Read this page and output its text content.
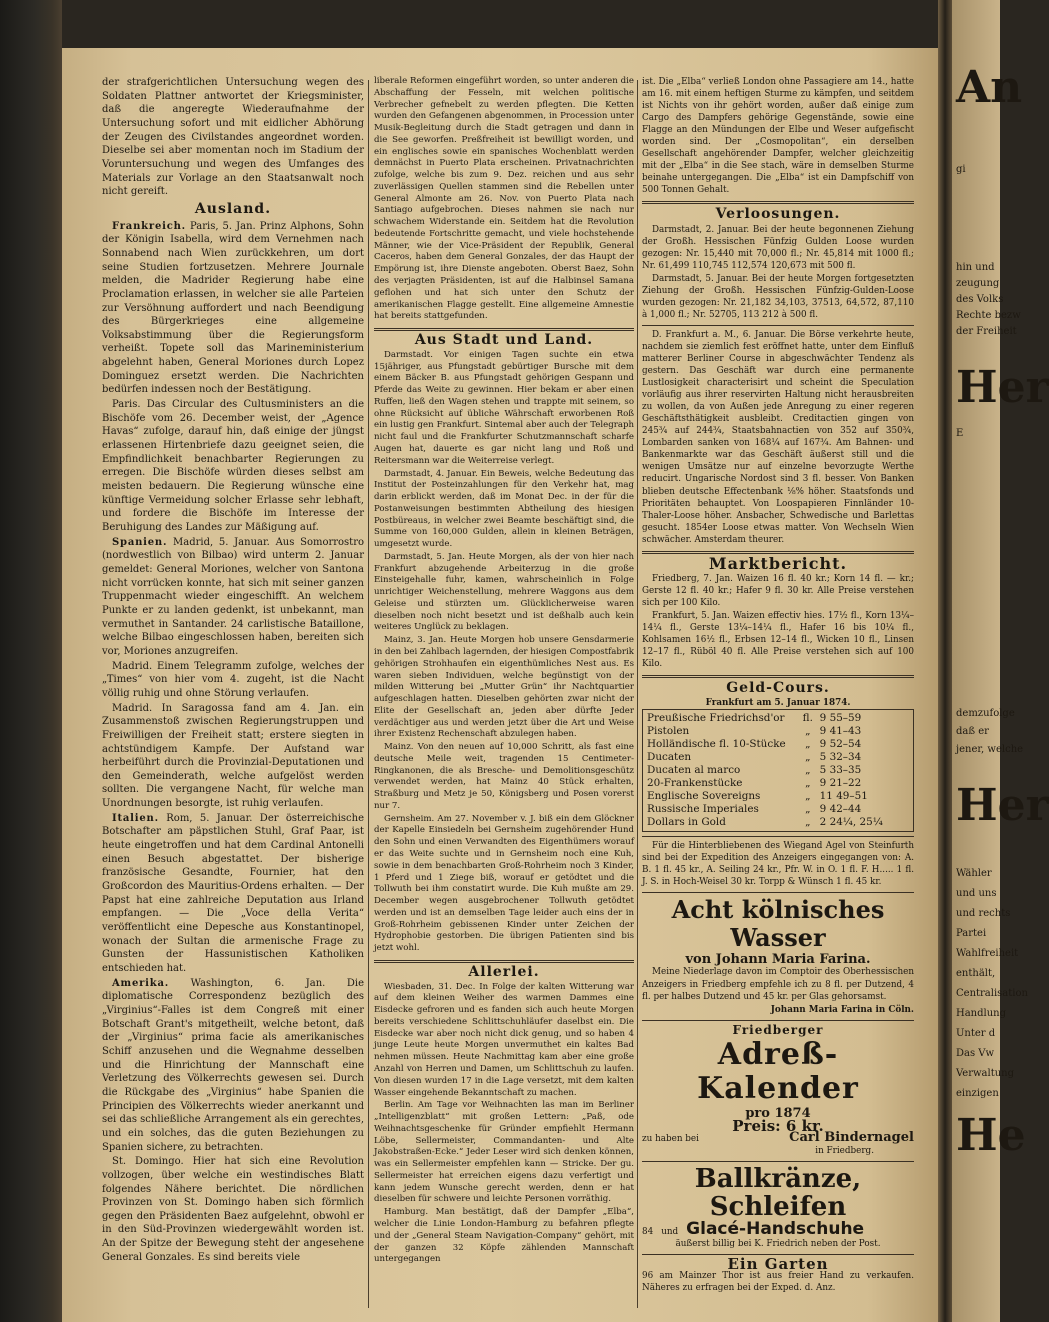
der strafgerichtlichen Untersuchung wegen des Soldaten Plattner antwortet der Kriegsminister, daß die angeregte Wiederaufnahme der Untersuchung sofort und mit eidlicher Abhörung der Zeugen des Civilstandes angeordnet worden. Dieselbe sei aber momentan noch im Stadium der Voruntersuchung und wegen des Umfanges des Materials zur Vorlage an den Staatsanwalt noch nicht gereift.

Ausland.

Frankreich. Paris, 5. Jan. Prinz Alphons, Sohn der Königin Isabella, wird dem Vernehmen nach Sonnabend nach Wien zurückkehren, um dort seine Studien fortzusetzen. Mehrere Journale melden, die Madrider Regierung habe eine Proclamation erlassen, in welcher sie alle Parteien zur Versöhnung auffordert und nach Beendigung des Bürgerkrieges eine allgemeine Volksabstimmung über die Regierungsform verheißt. Topete soll das Marineministerium abgelehnt haben, General Moriones durch Lopez Dominguez ersetzt werden. Die Nachrichten bedürfen indessen noch der Bestätigung.

Paris. Das Circular des Cultusministers an die Bischöfe vom 26. December weist, der „Agence Havas“ zufolge, darauf hin, daß einige der jüngst erlassenen Hirtenbriefe dazu geeignet seien, die Empfindlichkeit benachbarter Regierungen zu erregen. Die Bischöfe würden dieses selbst am meisten bedauern. Die Regierung wünsche eine künftige Vermeidung solcher Erlasse sehr lebhaft, und fordere die Bischöfe im Interesse der Beruhigung des Landes zur Mäßigung auf.

Spanien. Madrid, 5. Januar. Aus Somorrostro (nordwestlich von Bilbao) wird unterm 2. Januar gemeldet: General Moriones, welcher von Santona nicht vorrücken konnte, hat sich mit seiner ganzen Truppenmacht wieder eingeschifft. An welchem Punkte er zu landen gedenkt, ist unbekannt, man vermuthet in Santander. 24 carlistische Bataillone, welche Bilbao eingeschlossen haben, bereiten sich vor, Moriones anzugreifen.

Madrid. Einem Telegramm zufolge, welches der „Times“ von hier vom 4. zugeht, ist die Nacht völlig ruhig und ohne Störung verlaufen.

Madrid. In Saragossa fand am 4. Jan. ein Zusammenstoß zwischen Regierungstruppen und Freiwilligen der Freiheit statt; erstere siegten in achtstündigem Kampfe. Der Aufstand war herbeiführt durch die Provinzial-Deputationen und den Gemeinderath, welche aufgelöst werden sollten. Die vergangene Nacht, für welche man Unordnungen besorgte, ist ruhig verlaufen.

Italien. Rom, 5. Januar. Der österreichische Botschafter am päpstlichen Stuhl, Graf Paar, ist heute eingetroffen und hat dem Cardinal Antonelli einen Besuch abgestattet. Der bisherige französische Gesandte, Fournier, hat den Großcordon des Mauritius-Ordens erhalten. — Der Papst hat eine zahlreiche Deputation aus Irland empfangen. — Die „Voce della Verita“ veröffentlicht eine Depesche aus Konstantinopel, wonach der Sultan die armenische Frage zu Gunsten der Hassunistischen Katholiken entschieden hat.

Amerika. Washington, 6. Jan. Die diplomatische Correspondenz bezüglich des „Virginius“-Falles ist dem Congreß mit einer Botschaft Grant's mitgetheilt, welche betont, daß der „Virginius“ prima facie als amerikanisches Schiff anzusehen und die Wegnahme desselben und die Hinrichtung der Mannschaft eine Verletzung des Völkerrechts gewesen sei. Durch die Rückgabe des „Virginius“ habe Spanien die Principien des Völkerrechts wieder anerkannt und sei das schließliche Arrangement als ein gerechtes, und ein solches, das die guten Beziehungen zu Spanien sichere, zu betrachten.

St. Domingo. Hier hat sich eine Revolution vollzogen, über welche ein westindisches Blatt folgendes Nähere berichtet. Die nördlichen Provinzen von St. Domingo haben sich förmlich gegen den Präsidenten Baez aufgelehnt, obwohl er in den Süd-Provinzen wiedergewählt worden ist. An der Spitze der Bewegung steht der angesehene General Gonzales. Es sind bereits viele

liberale Reformen eingeführt worden, so unter anderen die Abschaffung der Fesseln, mit welchen politische Verbrecher gefnebelt zu werden pflegten. Die Ketten wurden den Gefangenen abgenommen, in Procession unter Musik-Begleitung durch die Stadt getragen und dann in die See geworfen. Preßfreiheit ist bewilligt worden, und ein englisches sowie ein spanisches Wochenblatt werden demnächst in Puerto Plata erscheinen. Privatnachrichten zufolge, welche bis zum 9. Dez. reichen und aus sehr zuverlässigen Quellen stammen sind die Rebellen unter General Almonte am 26. Nov. von Puerto Plata nach Santiago aufgebrochen. Dieses nahmen sie nach nur schwachem Widerstande ein. Seitdem hat die Revolution bedeutende Fortschritte gemacht, und viele hochstehende Männer, wie der Vice-Präsident der Republik, General Caceros, haben dem General Gonzales, der das Haupt der Empörung ist, ihre Dienste angeboten. Oberst Baez, Sohn des verjagten Präsidenten, ist auf die Halbinsel Samana geflohen und hat sich unter den Schutz der amerikanischen Flagge gestellt. Eine allgemeine Amnestie hat bereits stattgefunden.

Aus Stadt und Land.

Darmstadt. Vor einigen Tagen suchte ein etwa 15jähriger, aus Pfungstadt gebürtiger Bursche mit dem einem Bäcker B. aus Pfungstadt gehörigen Gespann und Pferde das Weite zu gewinnen. Hier bekam er aber einen Ruffen, ließ den Wagen stehen und trappte mit seinem, so ohne Rücksicht auf übliche Währschaft erworbenen Roß ein lustig gen Frankfurt. Sintemal aber auch der Telegraph nicht faul und die Frankfurter Schutzmannschaft scharfe Augen hat, dauerte es gar nicht lang und Roß und Reitersmann war die Weiterreise verlegt.

Darmstadt, 4. Januar. Ein Beweis, welche Bedeutung das Institut der Posteinzahlungen für den Verkehr hat, mag darin erblickt werden, daß im Monat Dec. in der für die Postanweisungen bestimmten Abtheilung des hiesigen Postbüreaus, in welcher zwei Beamte beschäftigt sind, die Summe von 160,000 Gulden, allein in kleinen Beträgen, umgesetzt wurde.

Darmstadt, 5. Jan. Heute Morgen, als der von hier nach Frankfurt abzugehende Arbeiterzug in die große Einsteigehalle fuhr, kamen, wahrscheinlich in Folge unrichtiger Weichenstellung, mehrere Waggons aus dem Geleise und stürzten um. Glücklicherweise waren dieselben noch nicht besetzt und ist deßhalb auch kein weiteres Unglück zu beklagen.

Mainz, 3. Jan. Heute Morgen hob unsere Gensdarmerie in den bei Zahlbach lagernden, der hiesigen Compostfabrik gehörigen Strohhaufen ein eigenthümliches Nest aus. Es waren sieben Individuen, welche begünstigt von der milden Witterung bei „Mutter Grün“ ihr Nachtquartier aufgeschlagen hatten. Dieselben gehörten zwar nicht der Elite der Gesellschaft an, jeden aber dürfte Jeder verdächtiger aus und werden jetzt über die Art und Weise ihrer Existenz Rechenschaft abzulegen haben.

Mainz. Von den neuen auf 10,000 Schritt, als fast eine deutsche Meile weit, tragenden 15 Centimeter-Ringkanonen, die als Bresche- und Demolitionsgeschütz verwendet werden, hat Mainz 40 Stück erhalten, Straßburg und Metz je 50, Königsberg und Posen vorerst nur 7.

Gernsheim. Am 27. November v. J. biß ein dem Glöckner der Kapelle Einsiedeln bei Gernsheim zugehörender Hund den Sohn und einen Verwandten des Eigenthümers worauf er das Weite suchte und in Gernsheim noch eine Kuh, sowie in dem benachbarten Groß-Rohrheim noch 3 Kinder, 1 Pferd und 1 Ziege biß, worauf er getödtet und die Tollwuth bei ihm constatirt wurde. Die Kuh mußte am 29. December wegen ausgebrochener Tollwuth getödtet werden und ist an demselben Tage leider auch eins der in Groß-Rohrheim gebissenen Kinder unter Zeichen der Hydrophobie gestorben. Die übrigen Patienten sind bis jetzt wohl.

Allerlei.

Wiesbaden, 31. Dec. In Folge der kalten Witterung war auf dem kleinen Weiher des warmen Dammes eine Eisdecke gefroren und es fanden sich auch heute Morgen bereits verschiedene Schlittschuhläufer daselbst ein. Die Eisdecke war aber noch nicht dick genug, und so haben 4 junge Leute heute Morgen unvermuthet ein kaltes Bad nehmen müssen. Heute Nachmittag kam aber eine große Anzahl von Herren und Damen, um Schlittschuh zu laufen. Von diesen wurden 17 in die Lage versetzt, mit dem kalten Wasser eingehende Bekanntschaft zu machen.

Berlin. Am Tage vor Weihnachten las man im Berliner „Intelligenzblatt“ mit großen Lettern: „Paß, ode Weihnachtsgeschenke für Gründer empfiehlt Hermann Löbe, Sellermeister, Commandanten- und Alte Jakobstraßen-Ecke.“ Jeder Leser wird sich denken können, was ein Sellermeister empfehlen kann — Stricke. Der gu. Sellermeister hat erreichen eigens dazu verfertigt und kann jedem Wunsche gerecht werden, denn er hat dieselben für schwere und leichte Personen vorräthig.

Hamburg. Man bestätigt, daß der Dampfer „Elba“, welcher die Linie London-Hamburg zu befahren pflegte und der „General Steam Navigation-Company“ gehört, mit der ganzen 32 Köpfe zählenden Mannschaft untergegangen

ist. Die „Elba“ verließ London ohne Passagiere am 14., hatte am 16. mit einem heftigen Sturme zu kämpfen, und seitdem ist Nichts von ihr gehört worden, außer daß einige zum Cargo des Dampfers gehörige Gegenstände, sowie eine Flagge an den Mündungen der Elbe und Weser aufgefischt worden sind. Der „Cosmopolitan“, ein derselben Gesellschaft angehörender Dampfer, welcher gleichzeitig mit der „Elba“ in die See stach, wäre in demselben Sturme beinahe untergegangen. Die „Elba“ ist ein Dampfschiff von 500 Tonnen Gehalt.

Verloosungen.

Darmstadt, 2. Januar. Bei der heute begonnenen Ziehung der Großh. Hessischen Fünfzig Gulden Loose wurden gezogen: Nr. 15,440 mit 70,000 fl.; Nr. 45,814 mit 1000 fl.; Nr. 61,499 110,745 112,574 120,673 mit 500 fl.

Darmstadt, 5. Januar. Bei der heute Morgen fortgesetzten Ziehung der Großh. Hessischen Fünfzig-Gulden-Loose wurden gezogen: Nr. 21,182 34,103, 37513, 64,572, 87,110 à 1,000 fl.; Nr. 52705, 113 212 à 500 fl.

D. Frankfurt a. M., 6. Januar. Die Börse verkehrte heute, nachdem sie ziemlich fest eröffnet hatte, unter dem Einfluß matterer Berliner Course in abgeschwächter Tendenz als gestern. Das Geschäft war durch eine permanente Lustlosigkeit characterisirt und scheint die Speculation vorläufig aus ihrer reservirten Haltung nicht herausbreiten zu wollen, da von Außen jede Anregung zu einer regeren Geschäftsthätigkeit ausbleibt. Creditactien gingen von 245¾ auf 244¾, Staatsbahnactien von 352 auf 350¾, Lombarden sanken von 168¼ auf 167¾. Am Bahnen- und Bankenmarkte war das Geschäft äußerst still und die wenigen Umsätze nur auf einzelne bevorzugte Werthe reducirt. Ungarische Nordost sind 3 fl. besser. Von Banken blieben deutsche Effectenbank ⅛% höher. Staatsfonds und Prioritäten behauptet. Von Loospapieren Finnländer 10-Thaler-Loose höher. Ansbacher, Schwedische und Barlettas gesucht. 1854er Loose etwas matter. Von Wechseln Wien schwächer. Amsterdam theurer.

Marktbericht.

Friedberg, 7. Jan. Waizen 16 fl. 40 kr.; Korn 14 fl. — kr.; Gerste 12 fl. 40 kr.; Hafer 9 fl. 30 kr. Alle Preise verstehen sich per 100 Kilo.

Frankfurt, 5. Jan. Waizen effectiv hies. 17½ fl., Korn 13¼–14¼ fl., Gerste 13¼–14¼ fl., Hafer 16 bis 10¼ fl., Kohlsamen 16½ fl., Erbsen 12–14 fl., Wicken 10 fl., Linsen 12–17 fl., Rüböl 40 fl. Alle Preise verstehen sich auf 100 Kilo.

Geld-Cours.
Frankfurt am 5. Januar 1874.
Preußische Friedrichsd'or	fl.	9 55–59
Pistolen	„	9 41–43
Holländische fl. 10-Stücke	„	9 52–54
Ducaten	„	5 32–34
Ducaten al marco	„	5 33–35
20-Frankenstücke	„	9 21–22
Englische Sovereigns	„	11 49–51
Russische Imperiales	„	9 42–44
Dollars in Gold	„	2 24¼, 25¼

Für die Hinterbliebenen des Wiegand Agel von Steinfurth sind bei der Expedition des Anzeigers eingegangen von: A. B. 1 fl. 45 kr., A. Seiling 24 kr., Pfr. W. in O. 1 fl. F. H..... 1 fl. J. S. in Hoch-Weisel 30 kr. Torpp & Wünsch 1 fl. 45 kr.

Acht kölnisches Wasser
von Johann Maria Farina.

Meine Niederlage davon im Comptoir des Oberhessischen Anzeigers in Friedberg empfehle ich zu 8 fl. per Dutzend, 4 fl. per halbes Dutzend und 45 kr. per Glas gehorsamst.

Johann Maria Farina in Cöln.
Friedberger
Adreß-Kalender
pro 1874
Preis: 6 kr.
zu haben bei	Carl Bindernagel
in Friedberg.
Ballkränze, Schleifen
84 und Glacé-Handschuhe
äußerst billig bei K. Friedrich neben der Post.
Ein Garten

96 am Mainzer Thor ist aus freier Hand zu verkaufen. Näheres zu erfragen bei der Exped. d. Anz.

An
gi
hin und
zeugung
des Volks
Rechte bezw
der Freiheit
Her
E
demzufolge
daß er
jener, welche
Her
Wähler
und uns
und rechts
Partei
Wahlfreiheit
enthält,
Centralisation
Handlung
Unter d
Das Vw
Verwaltung
einzigen
He
